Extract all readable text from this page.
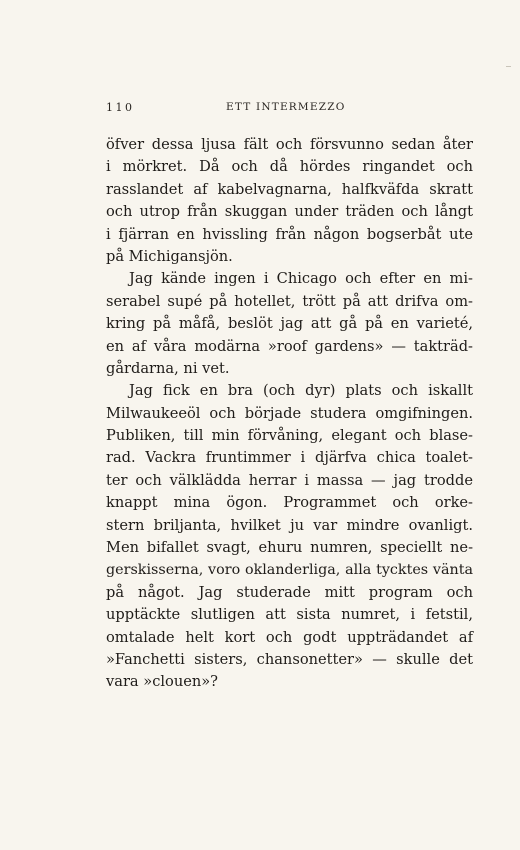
110	ETT INTERMEZZO
öfver dessa ljusa fält och försvunno sedan åter
i mörkret. Då och då hördes ringandet och
rasslandet af kabelvagnarna, halfkväfda skratt
och utrop från skuggan under träden och långt
i fjärran en hvissling från någon bogserbåt ute
på Michigansjön.
Jag kände ingen i Chicago och efter en mi-
serabel supé på hotellet, trött på att drifva om-
kring på måfå, beslöt jag att gå på en varieté,
en af våra modärna »roof gardens» — takträd-
gårdarna, ni vet.
Jag fick en bra (och dyr) plats och iskallt
Milwaukeeöl och började studera omgifningen.
Publiken, till min förvåning, elegant och blase-
rad. Vackra fruntimmer i djärfva chica toalet-
ter och välklädda herrar i massa — jag trodde
knappt mina ögon. Programmet och orke-
stern briljanta, hvilket ju var mindre ovanligt.
Men bifallet svagt, ehuru numren, speciellt ne-
gerskisserna, voro oklanderliga, alla tycktes vänta
på något. Jag studerade mitt program och
upptäckte slutligen att sista numret, i fetstil,
omtalade helt kort och godt uppträdandet af
»Fanchetti sisters, chansonetter» — skulle det
vara »clouen»?
